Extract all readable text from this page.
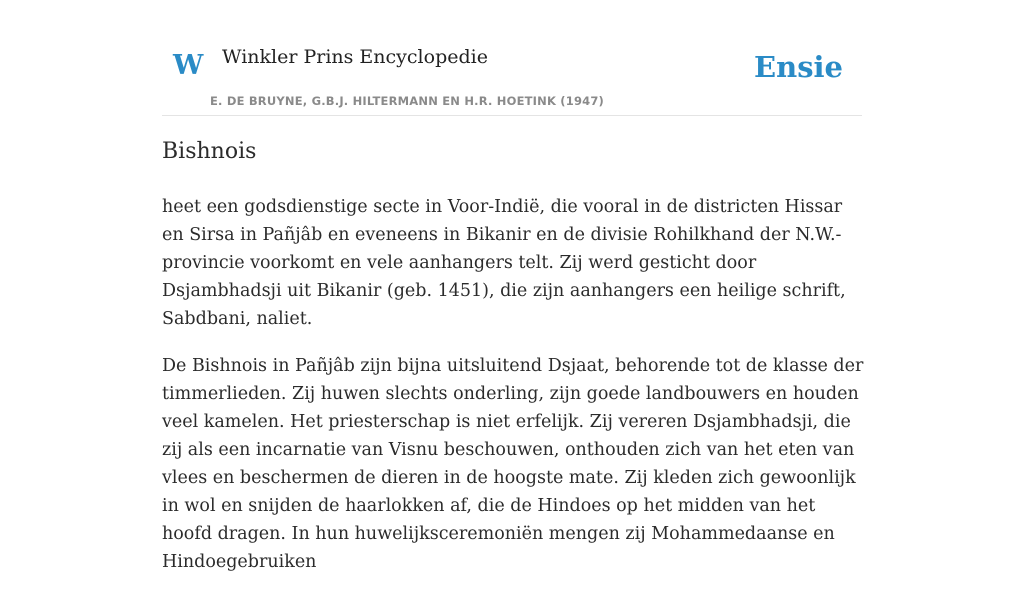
W Winkler Prins Encyclopedie
E. DE BRUYNE, G.B.J. HILTERMANN EN H.R. HOETINK (1947)
Ensie
Bishnois

heet een godsdienstige secte in Voor-Indië, die vooral in de districten Hissar en Sirsa in Pañjâb en eveneens in Bikanir en de divisie Rohilkhand der N.W.-provincie voorkomt en vele aanhangers telt. Zij werd gesticht door Dsjambhadsji uit Bikanir (geb. 1451), die zijn aanhangers een heilige schrift, Sabdbani, naliet.

De Bishnois in Pañjâb zijn bijna uitsluitend Dsjaat, behorende tot de klasse der timmerlieden. Zij huwen slechts onderling, zijn goede landbouwers en houden veel kamelen. Het priesterschap is niet erfelijk. Zij vereren Dsjambhadsji, die zij als een incarnatie van Visnu beschouwen, onthouden zich van het eten van vlees en beschermen de dieren in de hoogste mate. Zij kleden zich gewoonlijk in wol en snijden de haarlokken af, die de Hindoes op het midden van het hoofd dragen. In hun huwelijksceremoniën mengen zij Mohammedaanse en Hindoegebruiken
